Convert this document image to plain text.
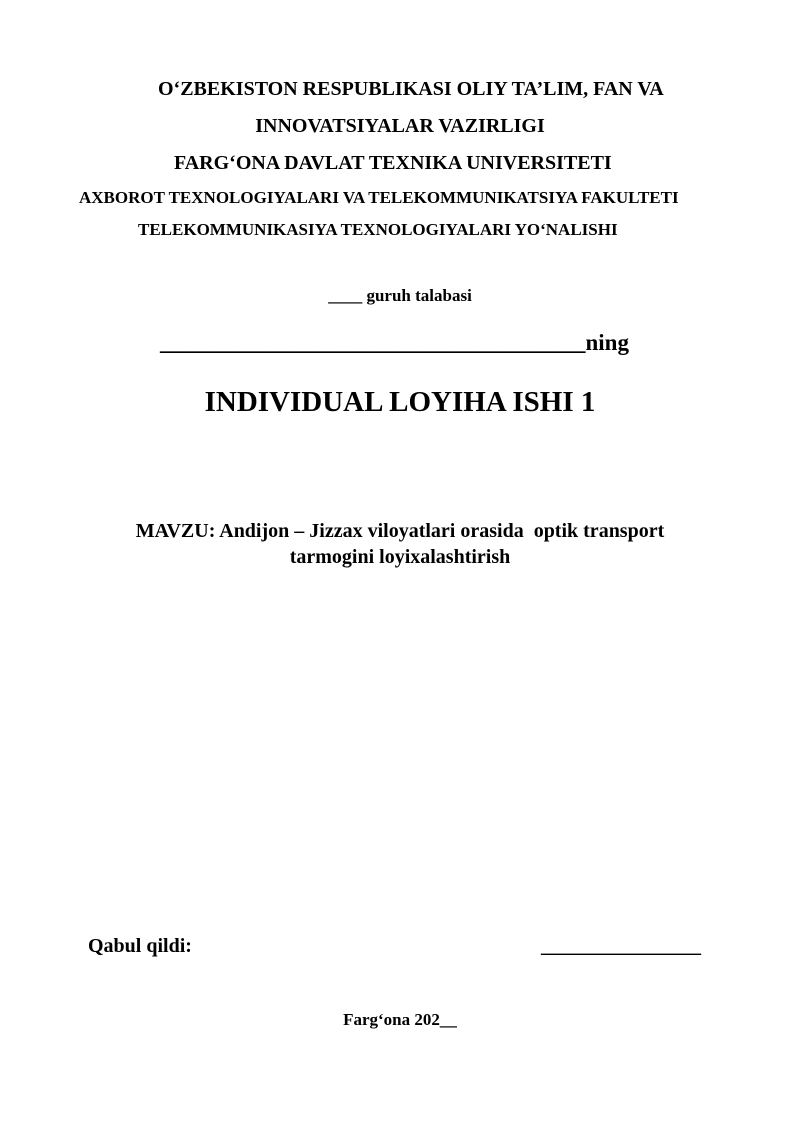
O‘ZBEKISTON RESPUBLIKASI OLIY TA’LIM, FAN VA
INNOVATSIYALAR VAZIRLIGI
FARG‘ONA DAVLAT TEXNIKA UNIVERSITETI
AXBOROT TEXNOLOGIYALARI VA TELEKOMMUNIKATSIYA FAKULTETI
TELEKOMMUNIKASIYA TEXNOLOGIYALARI YO‘NALISHI
____ guruh talabasi
_____________________________________ning
INDIVIDUAL LOYIHA ISHI 1
MAVZU: Andijon – Jizzax viloyatlari orasida  optik transport
tarmogini loyixalashtirish
Qabul qildi:	________________
Farg‘ona 202__
